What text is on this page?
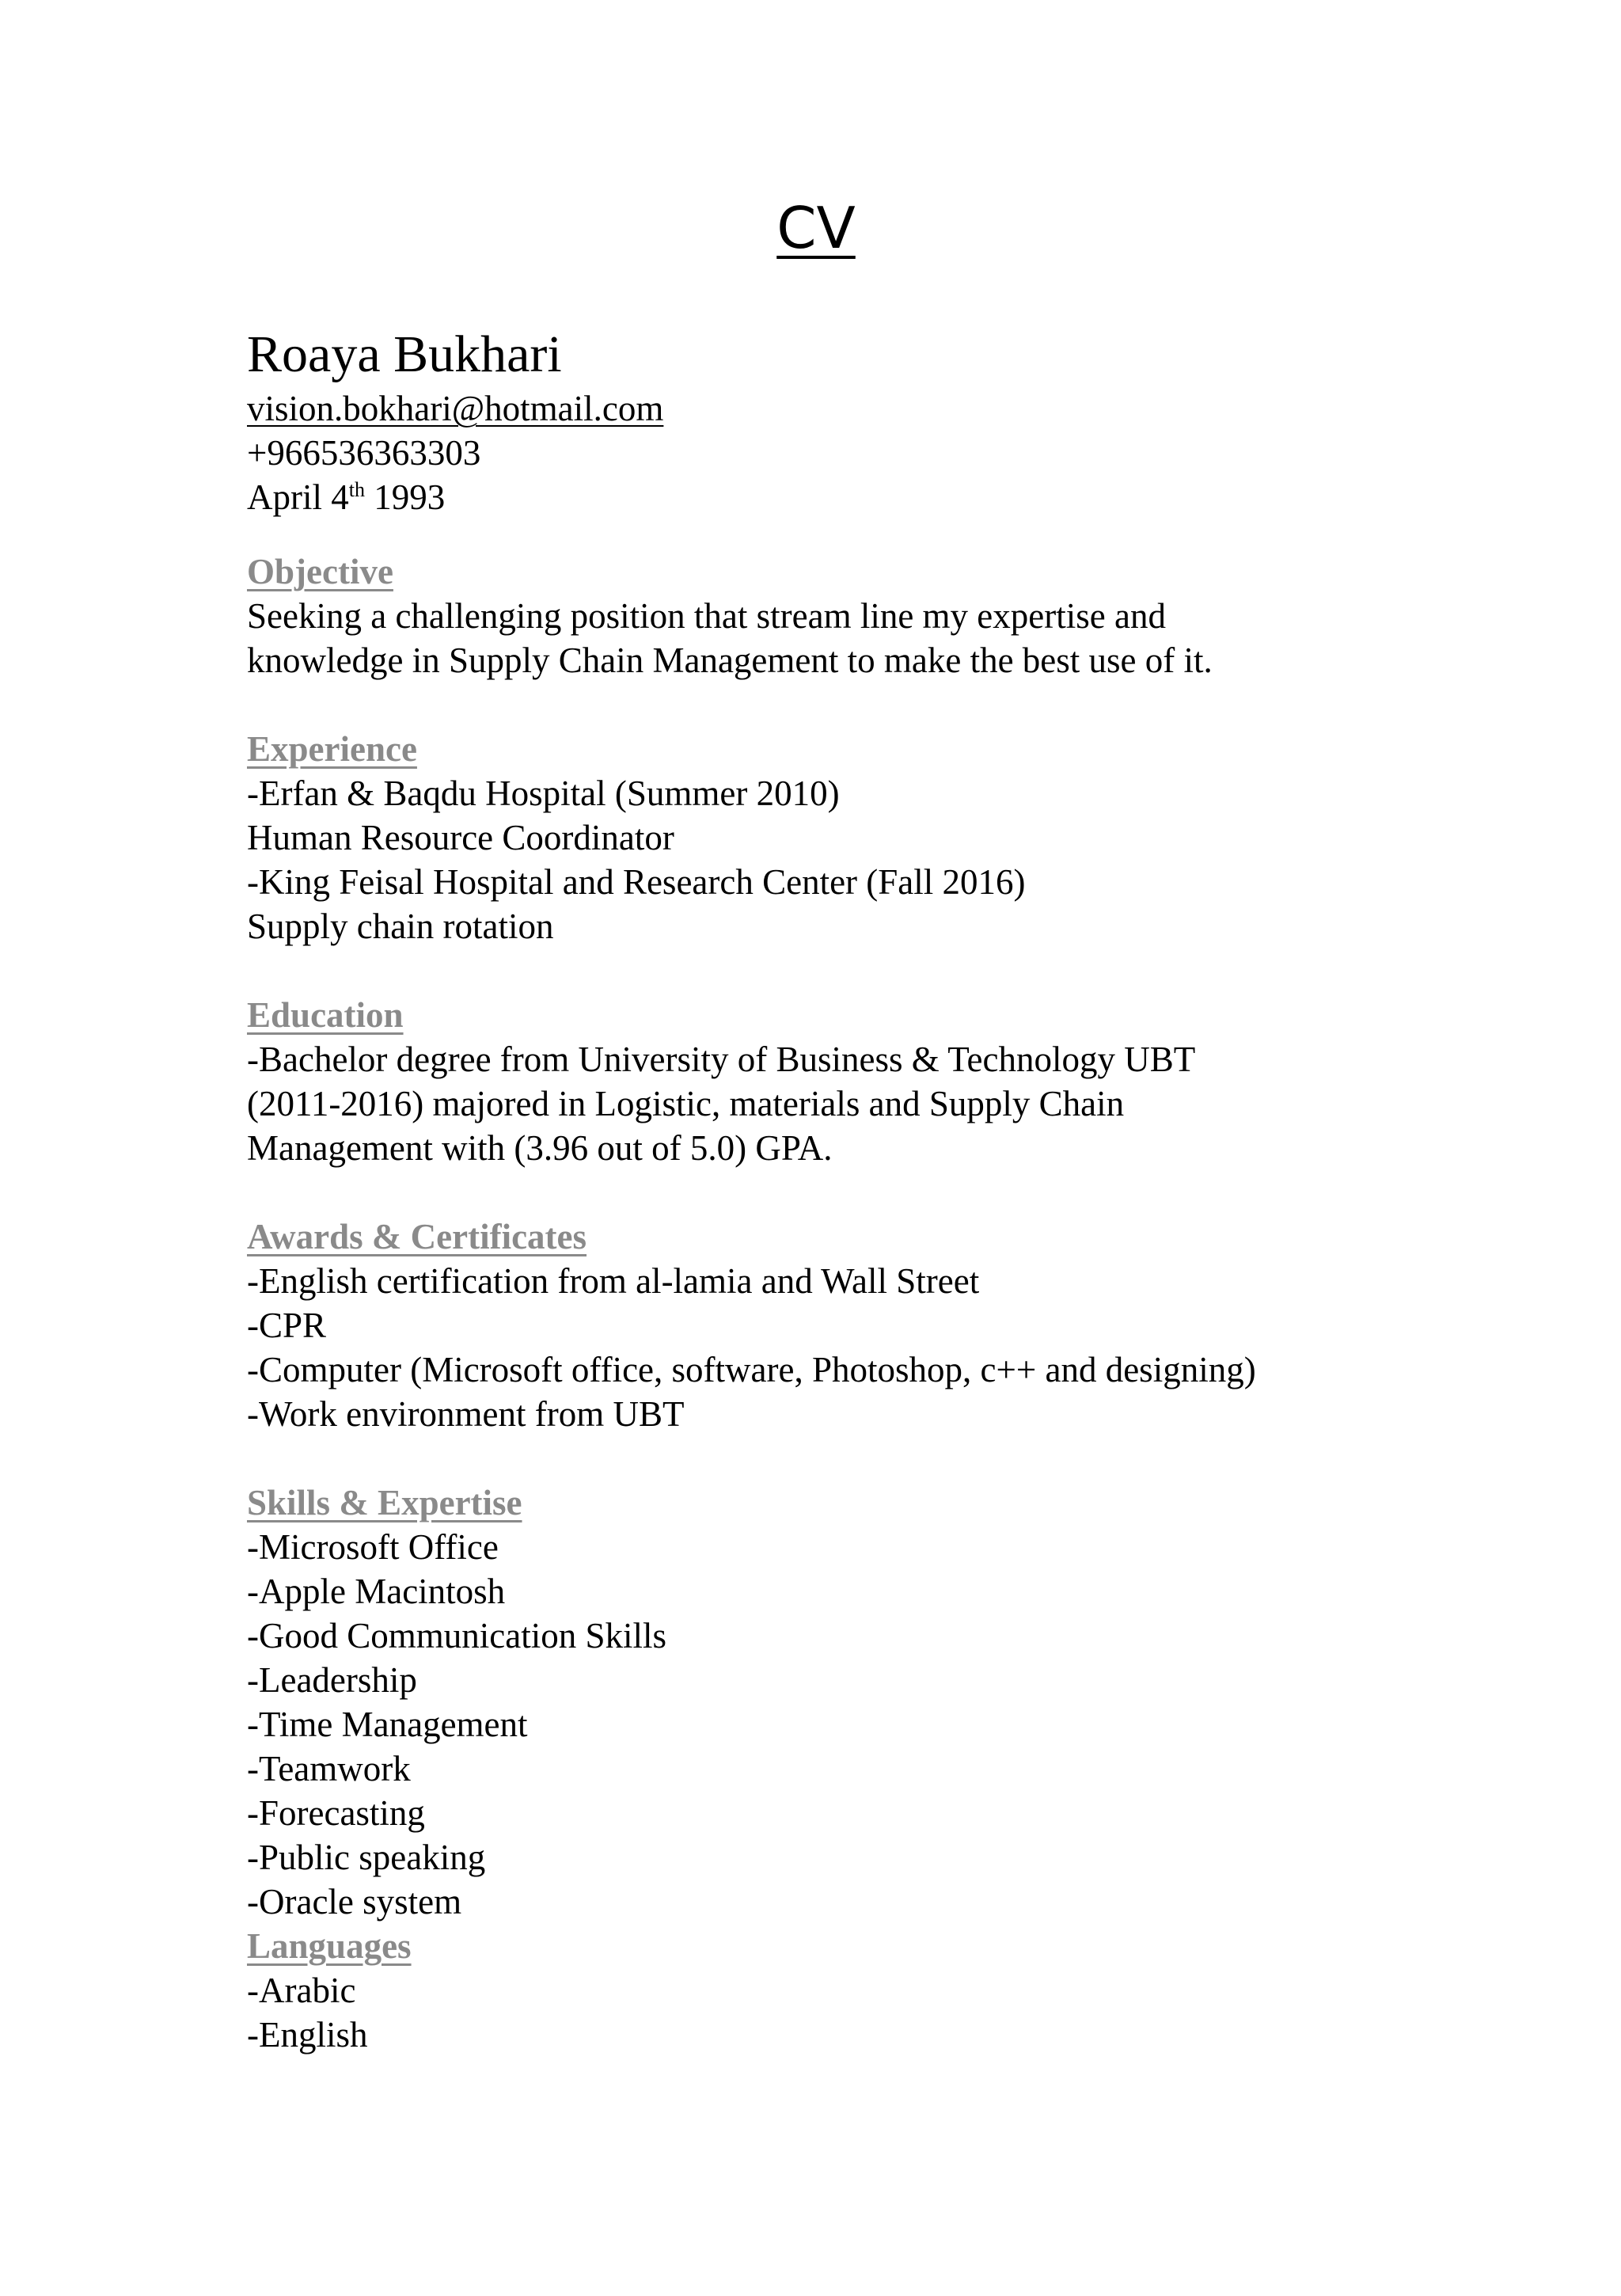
CV
Roaya Bukhari
vision.bokhari@hotmail.com
+966536363303
April 4th 1993
Objective
Seeking a challenging position that stream line my expertise and
knowledge in Supply Chain Management to make the best use of it.
Experience
-Erfan & Baqdu Hospital (Summer 2010)
Human Resource Coordinator
-King Feisal Hospital and Research Center (Fall 2016)
Supply chain rotation
Education
-Bachelor degree from University of Business & Technology UBT
(2011-2016) majored in Logistic, materials and Supply Chain
Management with (3.96 out of 5.0) GPA.
Awards & Certificates
-English certification from al-lamia and Wall Street
-CPR
-Computer (Microsoft office, software, Photoshop, c++ and designing)
-Work environment from UBT
Skills & Expertise
-Microsoft Office
-Apple Macintosh
-Good Communication Skills
-Leadership
-Time Management
-Teamwork
-Forecasting
-Public speaking
-Oracle system
Languages
-Arabic
-English
